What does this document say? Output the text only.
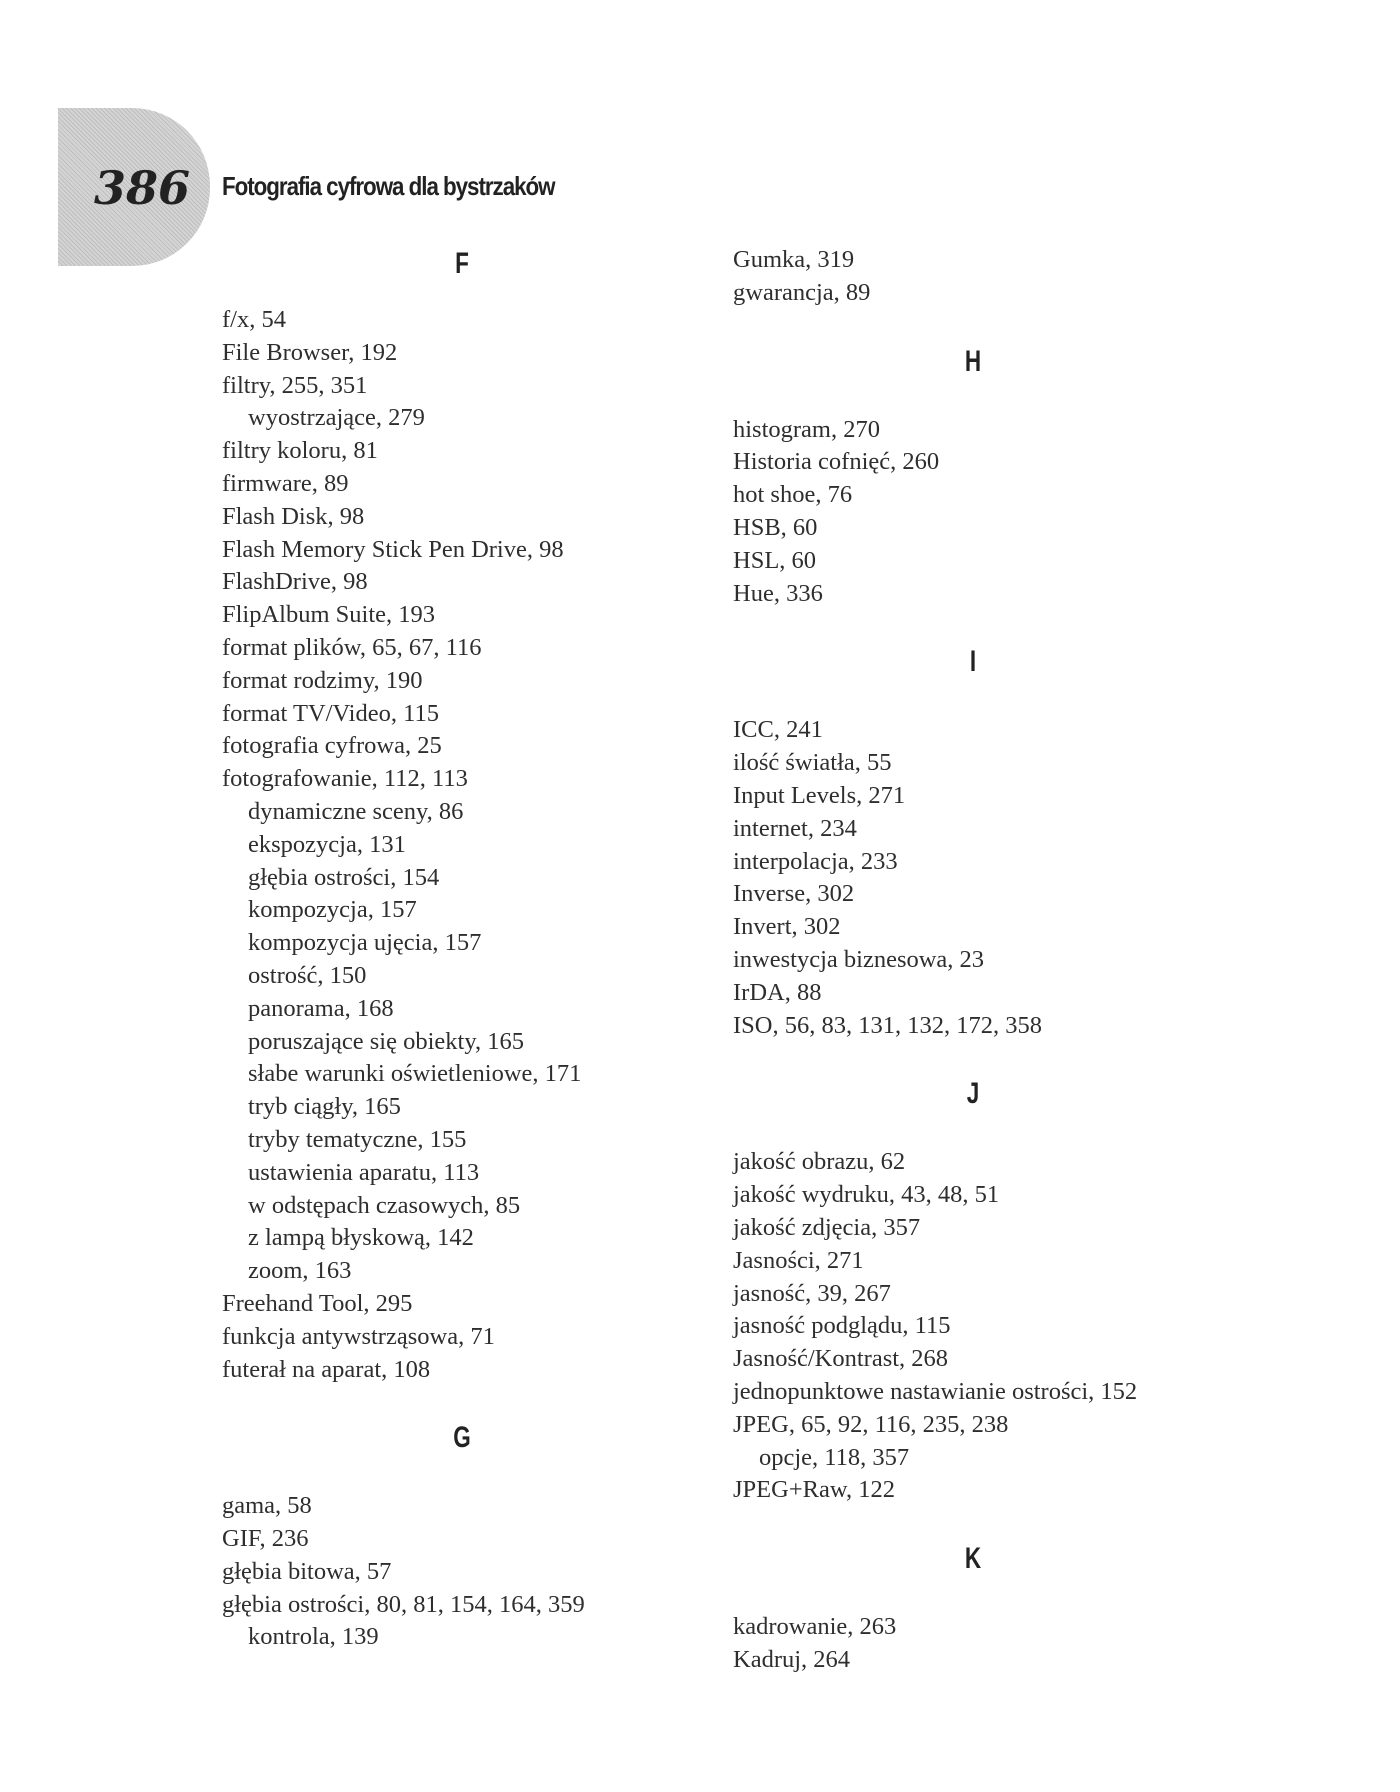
386 Fotografia cyfrowa dla bystrzaków
F
f/x, 54
File Browser, 192
filtry, 255, 351
wyostrzające, 279
filtry koloru, 81
firmware, 89
Flash Disk, 98
Flash Memory Stick Pen Drive, 98
FlashDrive, 98
FlipAlbum Suite, 193
format plików, 65, 67, 116
format rodzimy, 190
format TV/Video, 115
fotografia cyfrowa, 25
fotografowanie, 112, 113
dynamiczne sceny, 86
ekspozycja, 131
głębia ostrości, 154
kompozycja, 157
kompozycja ujęcia, 157
ostrość, 150
panorama, 168
poruszające się obiekty, 165
słabe warunki oświetleniowe, 171
tryb ciągły, 165
tryby tematyczne, 155
ustawienia aparatu, 113
w odstępach czasowych, 85
z lampą błyskową, 142
zoom, 163
Freehand Tool, 295
funkcja antywstrząsowa, 71
futerał na aparat, 108
G
gama, 58
GIF, 236
głębia bitowa, 57
głębia ostrości, 80, 81, 154, 164, 359
kontrola, 139
Gumka, 319
gwarancja, 89
H
histogram, 270
Historia cofnięć, 260
hot shoe, 76
HSB, 60
HSL, 60
Hue, 336
I
ICC, 241
ilość światła, 55
Input Levels, 271
internet, 234
interpolacja, 233
Inverse, 302
Invert, 302
inwestycja biznesowa, 23
IrDA, 88
ISO, 56, 83, 131, 132, 172, 358
J
jakość obrazu, 62
jakość wydruku, 43, 48, 51
jakość zdjęcia, 357
Jasności, 271
jasność, 39, 267
jasność podglądu, 115
Jasność/Kontrast, 268
jednopunktowe nastawianie ostrości, 152
JPEG, 65, 92, 116, 235, 238
opcje, 118, 357
JPEG+Raw, 122
K
kadrowanie, 263
Kadruj, 264
